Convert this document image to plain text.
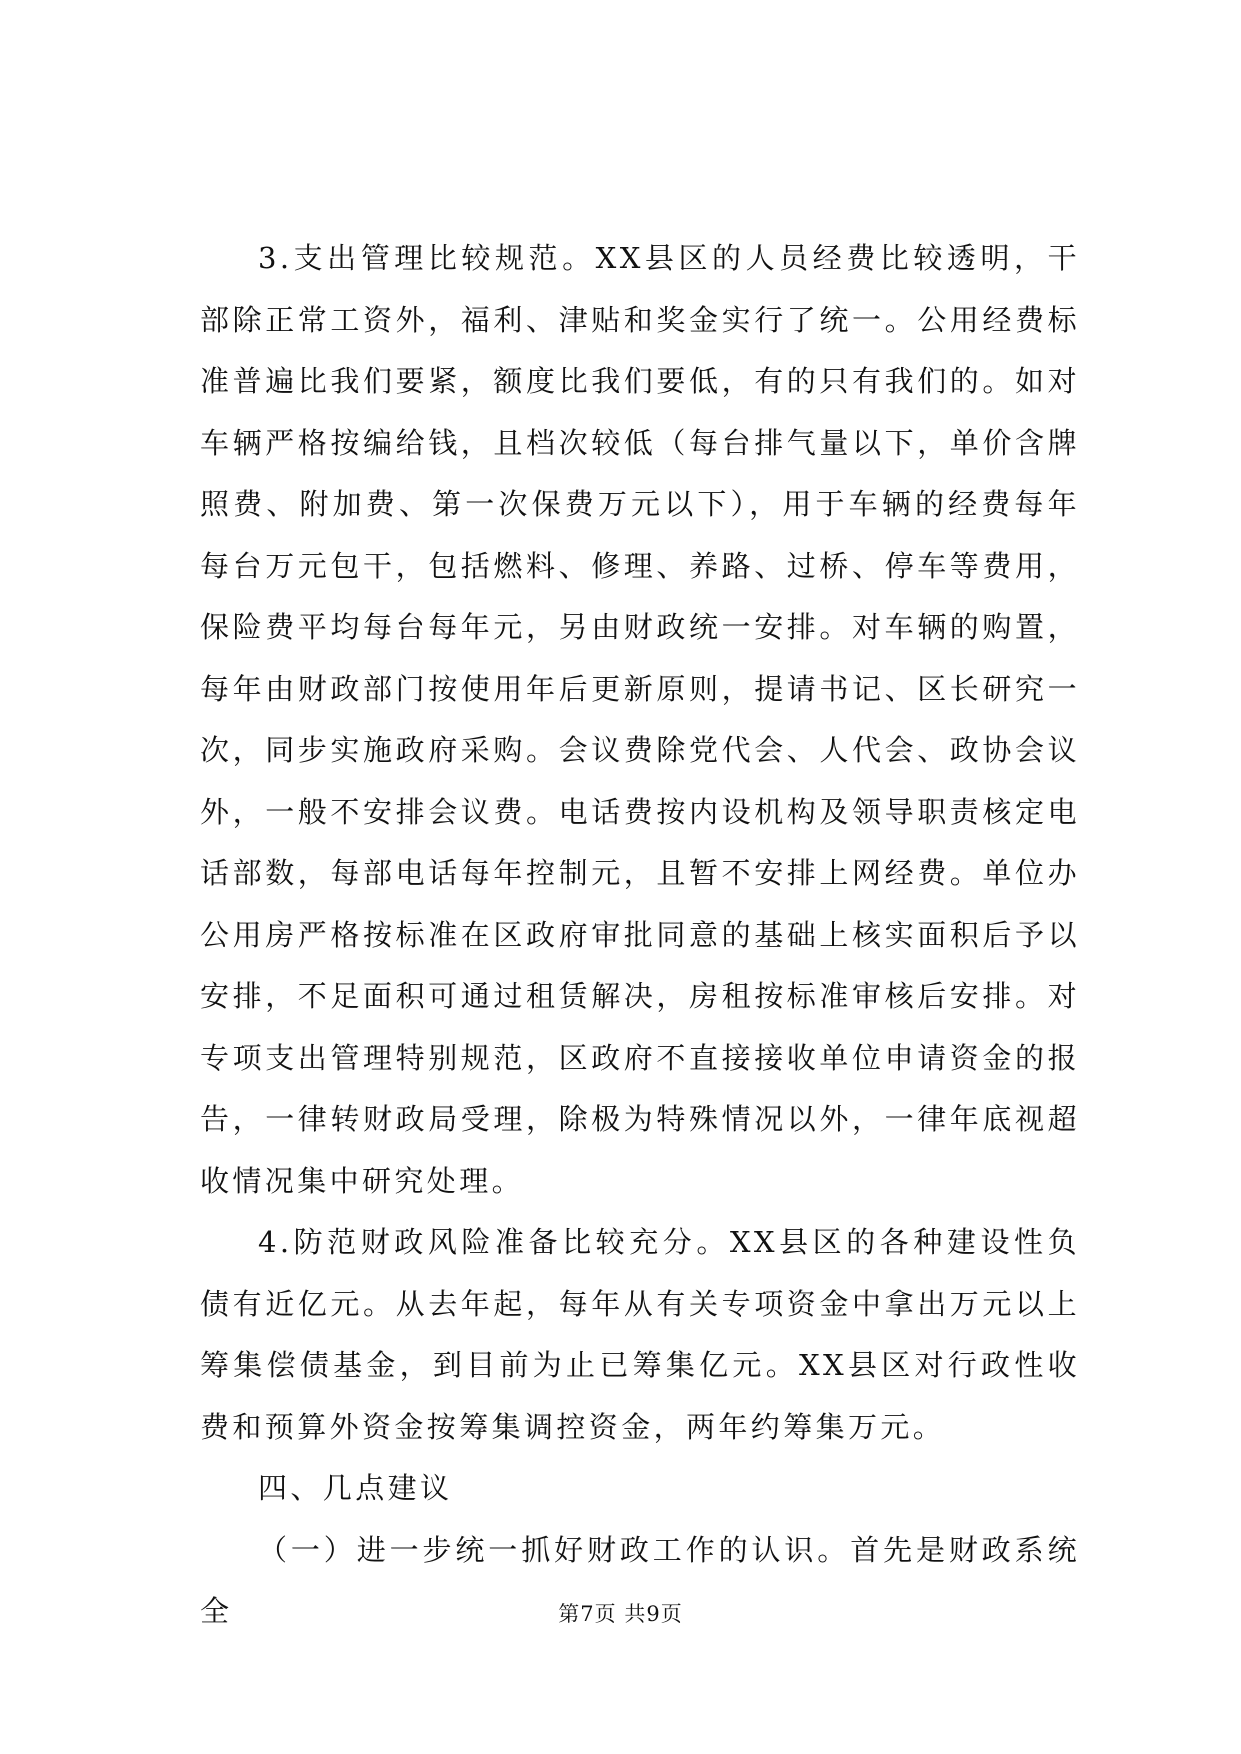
3.支出管理比较规范。XX县区的人员经费比较透明，干部除正常工资外，福利、津贴和奖金实行了统一。公用经费标准普遍比我们要紧，额度比我们要低，有的只有我们的。如对车辆严格按编给钱，且档次较低（每台排气量以下，单价含牌照费、附加费、第一次保费万元以下），用于车辆的经费每年每台万元包干，包括燃料、修理、养路、过桥、停车等费用，保险费平均每台每年元，另由财政统一安排。对车辆的购置，每年由财政部门按使用年后更新原则，提请书记、区长研究一次，同步实施政府采购。会议费除党代会、人代会、政协会议外，一般不安排会议费。电话费按内设机构及领导职责核定电话部数，每部电话每年控制元，且暂不安排上网经费。单位办公用房严格按标准在区政府审批同意的基础上核实面积后予以安排，不足面积可通过租赁解决，房租按标准审核后安排。对专项支出管理特别规范，区政府不直接接收单位申请资金的报告，一律转财政局受理，除极为特殊情况以外，一律年底视超收情况集中研究处理。

4.防范财政风险准备比较充分。XX县区的各种建设性负债有近亿元。从去年起，每年从有关专项资金中拿出万元以上筹集偿债基金，到目前为止已筹集亿元。XX县区对行政性收费和预算外资金按筹集调控资金，两年约筹集万元。

四、几点建议

（一）进一步统一抓好财政工作的认识。首先是财政系统全	第7页 共9页
